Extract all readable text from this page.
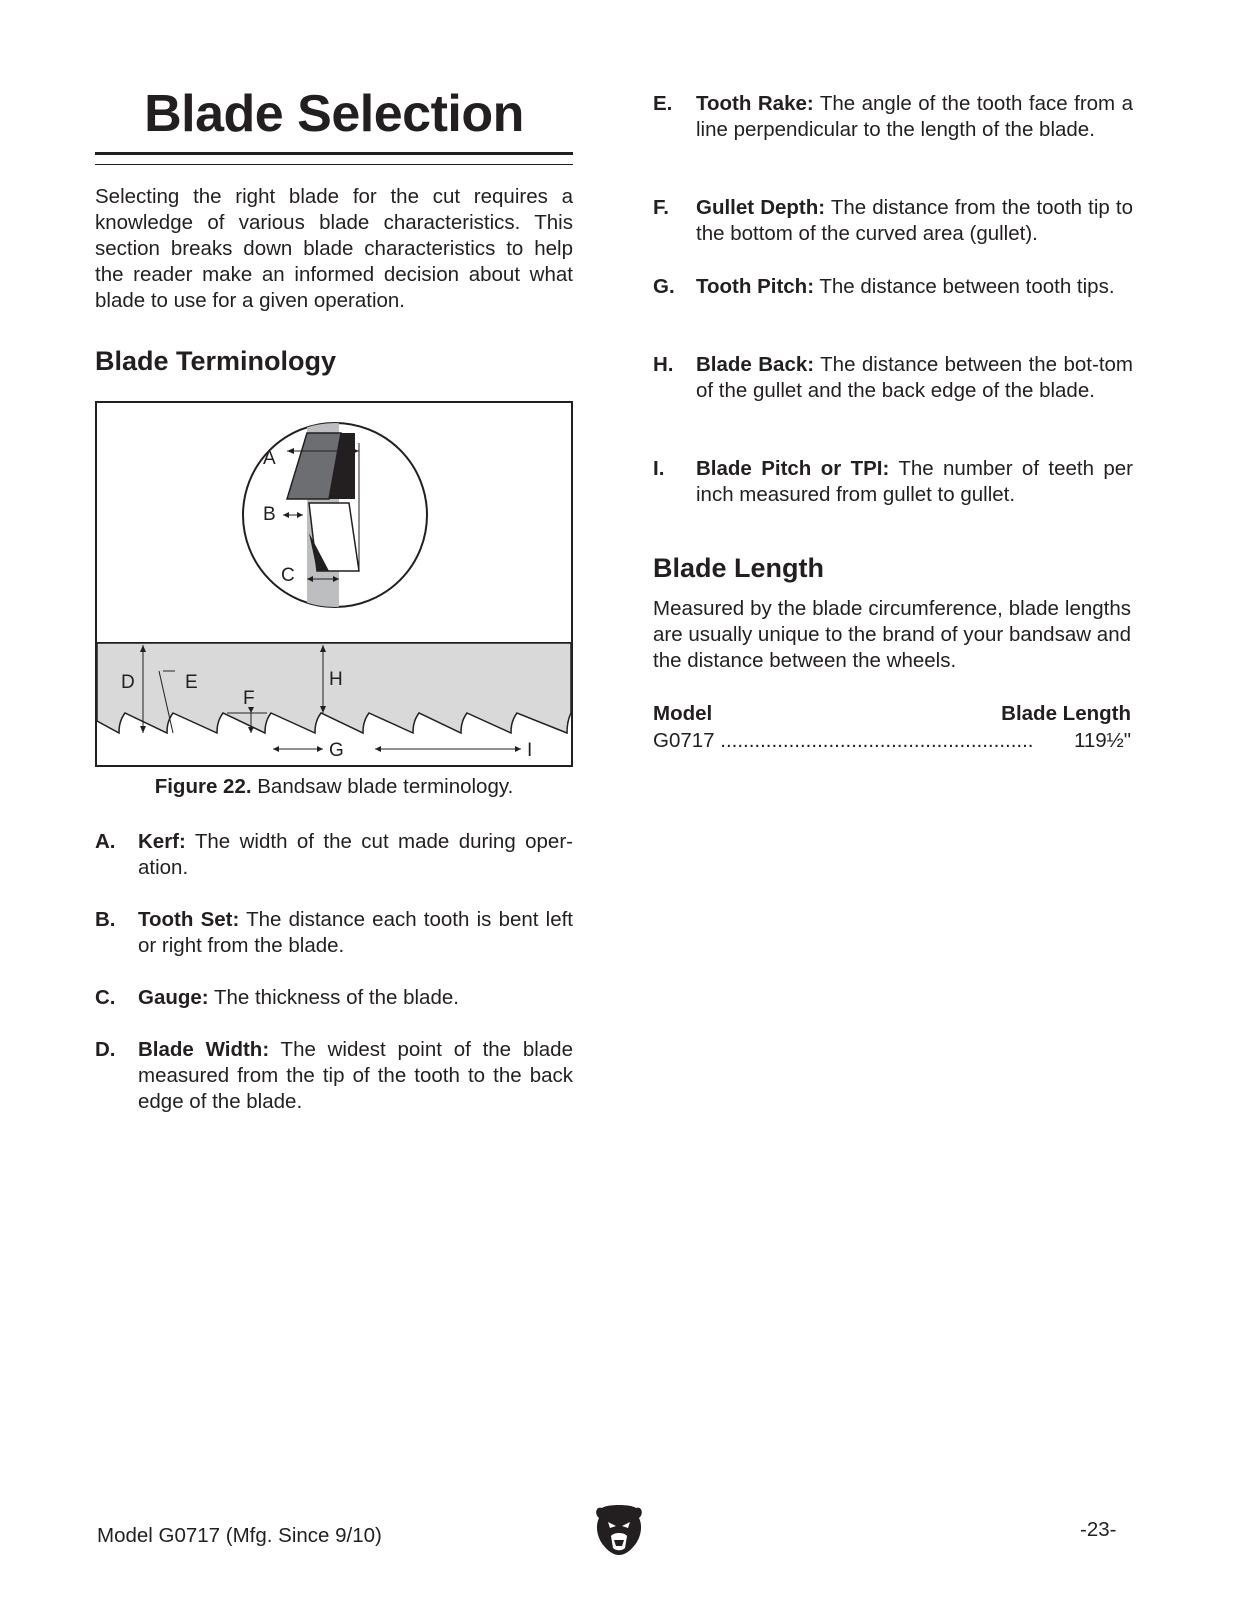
Blade Selection
Selecting the right blade for the cut requires a knowledge of various blade characteristics. This section breaks down blade characteristics to help the reader make an informed decision about what blade to use for a given operation.
Blade Terminology
A
B
C
D	E
F
H
G	I
Figure 22. Bandsaw blade terminology.
A. Kerf: The width of the cut made during oper-ation.
B. Tooth Set: The distance each tooth is bent left or right from the blade.
C. Gauge: The thickness of the blade.
D. Blade Width: The widest point of the blade measured from the tip of the tooth to the back edge of the blade.
E. Tooth Rake: The angle of the tooth face from a line perpendicular to the length of the blade.
F. Gullet Depth: The distance from the tooth tip to the bottom of the curved area (gullet).
G. Tooth Pitch: The distance between tooth tips.
H. Blade Back: The distance between the bot-tom of the gullet and the back edge of the blade.
I. Blade Pitch or TPI: The number of teeth per inch measured from gullet to gullet.
Blade Length
Measured by the blade circumference, blade lengths are usually unique to the brand of your bandsaw and the distance between the wheels.
Model	Blade Length
G0717 ....................................................... 119½"
Model G0717 (Mfg. Since 9/10)	-23-
